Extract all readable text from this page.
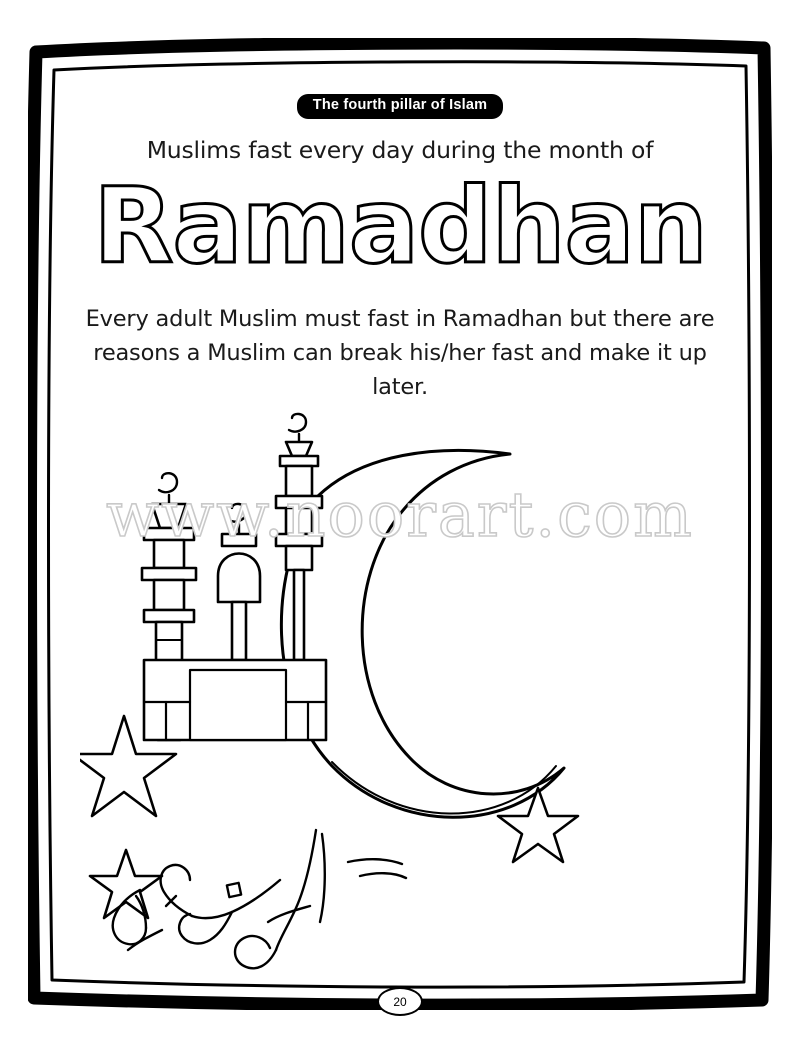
The fourth pillar of Islam
Muslims fast every day during the month of
Ramadhan
Every adult Muslim must fast in Ramadhan but there are reasons a Muslim can break his/her fast and make it up later.
20
www.noorart.com
